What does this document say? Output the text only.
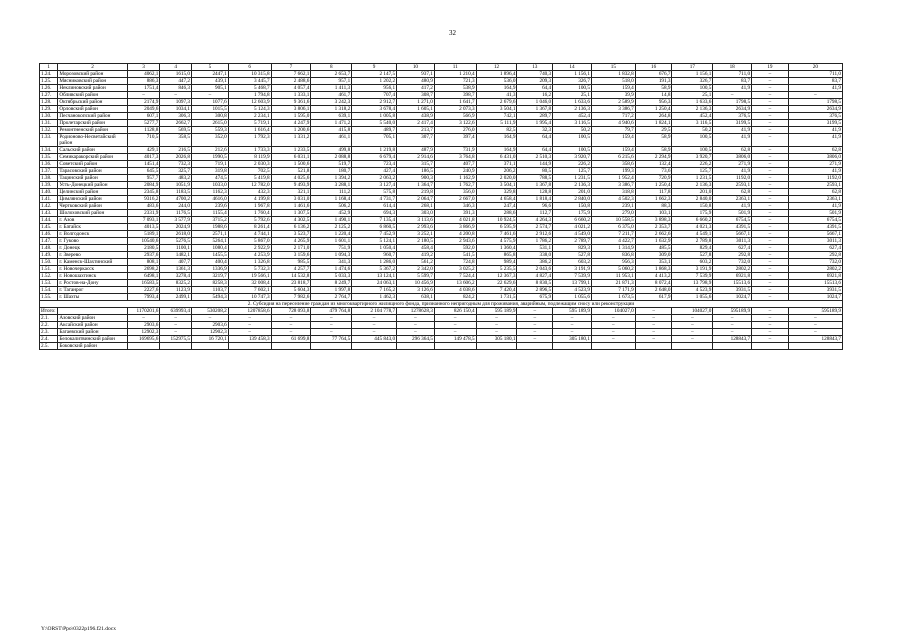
32
1	2	3	4	5	6	7	8	9	10	11	12	13	14	15	16	17	18	19	20
1.24.	Морозовский район	4062,1	1615,0	2447,1	10 315,8	7 662,1	2 653,7	2 147,5	937,1	1 210,4	1 896,4	740,3	1 156,1	1 832,8	676,7	1 156,1	711,0	–	711,0
1.25.	Мясниковский район	886,3	447,2	439,1	3 445,7	2 488,6	957,1	1 202,2	480,9	721,3	536,0	209,3	326,7	518,0	191,3	326,7	83,7	–	83,7
1.26.	Неклиновский район	1751,4	846,3	905,1	5 468,7	4 057,4	1 411,3	956,1	417,2	538,9	164,9	64,4	100,5	159,4	58,9	100,5	41,9	–	41,9
1.27.	Обливский район	–	–	–	1 794,8	1 333,1	461,7	707,4	308,7	398,7	41,3	16,2	25,1	39,9	14,8	25,1	–	–	–
1.28.	Октябрьский район	2174,9	1097,3	1077,6	12 603,9	9 361,6	3 242,3	2 912,7	1 271,0	1 641,7	2 679,6	1 046,0	1 633,6	2 589,9	956,3	1 633,6	1798,5	–	1798,5
1.29.	Орловский район	2049,6	1034,1	1015,5	5 124,3	3 806,1	1 318,2	3 678,4	1 605,1	2 073,3	3 504,1	1 367,8	2 136,3	3 386,7	1 250,4	2 136,3	2634,9	–	2634,9
1.30.	Песчанокопский район	607,1	306,3	300,8	2 234,1	1 595,0	639,1	1 005,8	438,9	566,9	742,1	289,7	452,4	717,2	264,8	452,4	376,5	–	376,5
1.31.	Пролетарский район	5277,7	2662,7	2615,0	5 719,1	4 247,9	1 471,2	5 540,0	2 417,4	3 122,6	5 111,9	1 995,4	3 116,5	4 940,6	1 824,1	3 116,5	3199,5	–	3199,5
1.32.	Ремонтненский район	1128,8	569,5	559,3	1 616,4	1 200,6	415,8	489,7	213,7	276,0	82,5	32,3	50,2	79,7	29,5	50,2	41,9	–	41,9
1.33.	Родионово-Несветайский район	710,5	358,5	352,0	1 792,3	1 331,2	461,1	705,1	307,7	397,4	164,9	64,4	100,5	159,4	58,9	100,5	41,9	–	41,9
1.34.	Сальский район	429,1	216,5	212,6	1 733,3	1 233,5	499,8	1 219,8	487,9	731,9	164,9	64,4	100,5	159,4	58,9	100,5	62,8	–	62,8
1.35.	Семикаракорский район	4017,3	2026,8	1990,5	8 119,9	6 031,1	2 088,8	6 679,4	2 914,6	3 764,8	6 431,0	2 510,3	3 920,7	6 215,6	2 294,9	3 920,7	3806,0	–	3806,0
1.36.	Советский район	1451,4	732,3	719,1	2 030,3	1 500,6	519,7	723,4	315,7	407,7	371,1	144,9	226,2	358,6	132,4	226,2	271,9	–	271,9
1.37.	Тарасовский район	645,5	325,7	319,8	702,5	521,8	180,7	427,4	186,5	240,9	206,2	80,5	125,7	199,3	73,6	125,7	41,9	–	41,9
1.38.	Тацинский район	957,7	483,2	474,5	5 419,8	4 025,6	1 394,2	2 063,2	900,3	1 162,9	2 020,0	788,5	1 231,5	1 952,4	720,9	1 231,5	1192,0	–	1192,0
1.39.	Усть-Донецкий район	2084,9	1051,9	1033,0	12 782,0	9 493,9	3 288,1	3 127,4	1 364,7	1 762,7	3 504,1	1 367,8	2 136,3	3 386,7	1 250,4	2 136,3	2593,1	–	2593,1
1.40.	Целинский район	2345,8	1183,5	1162,3	432,3	321,1	111,2	575,8	219,8	356,0	329,8	128,8	201,0	318,8	117,8	201,0	62,8	–	62,8
1.41.	Цимлянский район	9316,2	4700,2	4616,0	4 199,8	3 031,0	1 168,4	4 731,7	2 064,7	2 667,0	4 658,4	1 818,4	2 840,0	4 502,3	1 662,3	2 840,0	2363,1	–	2363,1
1.42.	Чертковский район	483,6	244,0	239,6	1 967,8	1 461,6	506,2	614,4	268,1	346,3	247,4	96,6	150,8	239,1	88,3	150,8	41,9	–	41,9
1.43.	Шолоховский район	2331,9	1176,5	1155,4	1 760,4	1 307,5	452,9	694,3	303,0	391,3	288,6	112,7	175,9	279,0	103,1	175,9	501,9	–	501,9
1.44.	г. Азов	7 093,1	3 577,9	3715,2	5 792,6	4 302,5	1 490,1	7 135,4	3 113,6	4 021,8	10 924,5	4 264,3	6 660,2	10 558,5	3 898,3	6 660,2	6754,5	–	6754,5
1.45.	г. Батайск	4013,5	2024,9	1988,6	8 261,4	6 136,2	2 125,2	6 860,5	2 993,6	3 866,9	6 595,9	2 574,7	4 021,2	6 375,0	2 353,7	4 021,3	4391,5	–	4391,5
1.46.	г. Волгодонск	5189,1	2618,0	2571,1	4 744,1	3 523,7	1 220,4	7 452,9	3 252,1	4 200,8	7 461,6	2 912,6	4 549,0	7 211,7	2 662,6	4 549,1	5667,1	–	5667,1
1.47.	г. Гуково	10540,6	5276,5	5264,1	5 867,0	4 265,9	1 601,1	5 124,1	2 180,5	2 943,6	4 575,9	1 786,2	2 789,7	4 422,7	1 632,9	2 789,8	3011,3	–	3011,3
1.48.	г. Донецк	2180,5	1100,1	1080,4	2 922,9	2 171,0	751,9	1 050,4	458,4	592,0	1 360,4	531,1	829,3	1 314,9	485,5	829,4	627,4	–	627,4
1.49.	г. Зверево	2937,6	1482,1	1455,5	4 253,9	3 159,6	1 094,3	960,7	419,2	541,5	865,8	338,0	527,8	836,8	309,0	527,8	292,8	–	292,8
1.50.	г. Каменск-Шахтинский	808,1	407,7	400,4	1 326,8	985,5	341,3	1 286,0	561,2	724,8	989,4	386,2	603,2	956,3	353,1	603,2	732,0	–	732,0
1.51.	г. Новочеркасск	2698,2	1361,3	1336,9	5 732,3	4 257,7	1 474,6	5 367,2	2 342,0	3 025,2	5 235,5	2 043,6	3 191,9	5 060,2	1 868,3	3 191,9	2802,2	–	2802,2
1.52.	г. Новошахтинск	6498,1	3278,4	3219,7	19 566,1	14 532,8	5 033,3	13 124,1	5 599,7	7 524,4	12 367,3	4 827,4	7 539,9	11 953,1	4 413,2	7 539,9	6921,8	–	6921,8
1.53.	г. Ростов-на-Дону	16583,5	8325,2	8258,3	32 008,4	23 818,7	8 249,7	24 063,1	10 456,9	13 606,2	22 629,6	8 830,5	13 799,1	21 871,3	8 072,4	13 798,9	15513,6	–	15513,6
1.54.	г. Таганрог	2227,6	1123,9	1103,7	7 602,1	5 604,3	1 997,8	7 165,2	3 126,6	4 038,6	7 420,4	2 896,5	4 523,9	7 171,9	2 648,0	4 523,9	3931,5	–	3931,5
1.55.	г. Шахты	7993,4	2499,1	5494,3	10 747,3	7 982,6	2 764,7	1 462,3	638,1	824,2	1 731,5	675,9	1 055,6	1 673,5	617,9	1 055,6	1024,7	–	1024,7
2. Субсидия на переселение граждан из многоквартирного жилищного фонда, признанного непригодным для проживания, аварийным, подлежащим сносу или реконструкции																			
Итого:		1170201,6	639993,4	530208,2	1207858,6	728 093,8	479 764,8	2 104 778,7	1278628,3	826 150,4	595 189,9	–	595 189,9	104027,0	–	104027,0	595189,9	–	595189,9
2.1.	Азовский район	–	–	–	–	–	–	–	–	–	–	–	–	–	–	–	–	–	–
2.2.	Аксайский район	2903,6	–	2903,6	–	–	–	–	–	–	–	–	–	–	–	–	–	–	–
2.3.	Багаевский район	12902,3	–	12902,3	–	–	–	–	–	–	–	–	–	–	–	–	–	–	–
2.4.	Белокалитвинский район	169695,6	152975,5	16 720,1	139 458,3	61 699,8	77 764,5	445 843,0	296 364,5	149 478,5	305 180,1	–	305 180,1	–	–	–	128843,7	–	128843,7
2.5.	Боковский район																		
Y:\ORST\Ppo\0322p196.f21.docx
